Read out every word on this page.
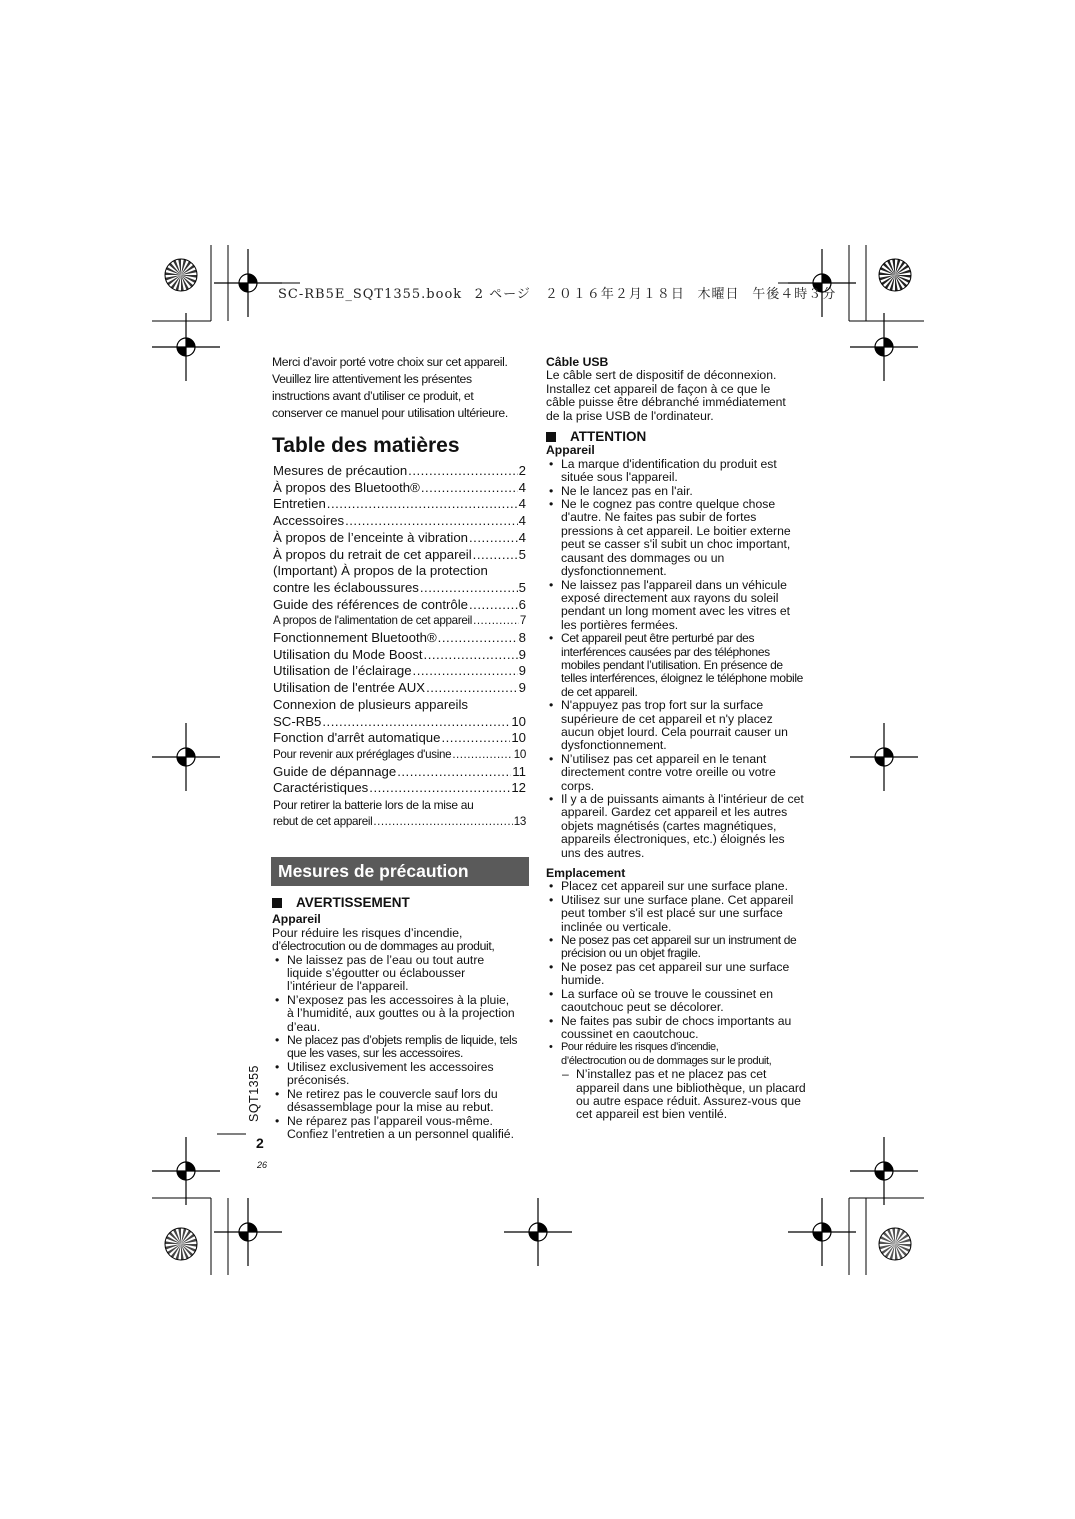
SC-RB5E_SQT1355.book  2 ページ ２０１６年２月１８日  木曜日  午後４時３分

Merci d’avoir porté votre choix sur cet appareil.

Veuillez lire attentivement les présentes

instructions avant d’utiliser ce produit, et

conserver ce manuel pour utilisation ultérieure.

Table des matières
Mesures de précaution .....	2
À propos des Bluetooth® .....	4
Entretien .....	4
Accessoires .....	4
À propos de l’enceinte à vibration .....	4
À propos du retrait de cet appareil .....	5
(Important) À propos de la protection
contre les éclaboussures .....	5
Guide des références de contrôle .....	6
A propos de l'alimentation de cet appareil .....	7
Fonctionnement Bluetooth® .....	8
Utilisation du Mode Boost .....	9
Utilisation de l’éclairage .....	9
Utilisation de l'entrée AUX .....	9
Connexion de plusieurs appareils
SC-RB5 .....	10
Fonction d'arrêt automatique .....	10
Pour revenir aux préréglages d'usine .....	10
Guide de dépannage .....	11
Caractéristiques .....	12
Pour retirer la batterie lors de la mise au
rebut de cet appareil .....	13
Mesures de précaution
AVERTISSEMENT
Appareil
Pour réduire les risques d’incendie,
d’électrocution ou de dommages au produit,
• Ne laissez pas de l’eau ou tout autre liquide s’égoutter ou éclabousser l’intérieur de l'appareil.
• N’exposez pas les accessoires à la pluie, à l’humidité, aux gouttes ou à la projection d’eau.
• Ne placez pas d’objets remplis de liquide, tels que les vases, sur les accessoires.
• Utilisez exclusivement les accessoires préconisés.
• Ne retirez pas le couvercle sauf lors du désassemblage pour la mise au rebut.
• Ne réparez pas l’appareil vous-même. Confiez l’entretien a un personnel qualifié.
Câble USB
Le câble sert de dispositif de déconnexion. Installez cet appareil de façon à ce que le câble puisse être débranché immédiatement de la prise USB de l'ordinateur.
ATTENTION
Appareil
• La marque d'identification du produit est située sous l'appareil.
• Ne le lancez pas en l'air.
• Ne le cognez pas contre quelque chose d'autre. Ne faites pas subir de fortes pressions à cet appareil. Le boitier externe peut se casser s'il subit un choc important, causant des dommages ou un dysfonctionnement.
• Ne laissez pas l'appareil dans un véhicule exposé directement aux rayons du soleil pendant un long moment avec les vitres et les portières fermées.
• Cet appareil peut être perturbé par des interférences causées par des téléphones mobiles pendant l’utilisation. En présence de telles interférences, éloignez le téléphone mobile de cet appareil.
• N'appuyez pas trop fort sur la surface supérieure de cet appareil et n'y placez aucun objet lourd. Cela pourrait causer un dysfonctionnement.
• N’utilisez pas cet appareil en le tenant directement contre votre oreille ou votre corps.
• Il y a de puissants aimants à l'intérieur de cet appareil. Gardez cet appareil et les autres objets magnétisés (cartes magnétiques, appareils électroniques, etc.) éloignés les uns des autres.
Emplacement
• Placez cet appareil sur une surface plane.
• Utilisez sur une surface plane. Cet appareil peut tomber s'il est placé sur une surface inclinée ou verticale.
• Ne posez pas cet appareil sur un instrument de précision ou un objet fragile.
• Ne posez pas cet appareil sur une surface humide.
• La surface où se trouve le coussinet en caoutchouc peut se décolorer.
• Ne faites pas subir de chocs importants au coussinet en caoutchouc.
• Pour réduire les risques d’incendie,
d’électrocution ou de dommages sur le produit,
– N’installez pas et ne placez pas cet appareil dans une bibliothèque, un placard ou autre espace réduit. Assurez-vous que cet appareil est bien ventilé.
SQT1355
2
26
